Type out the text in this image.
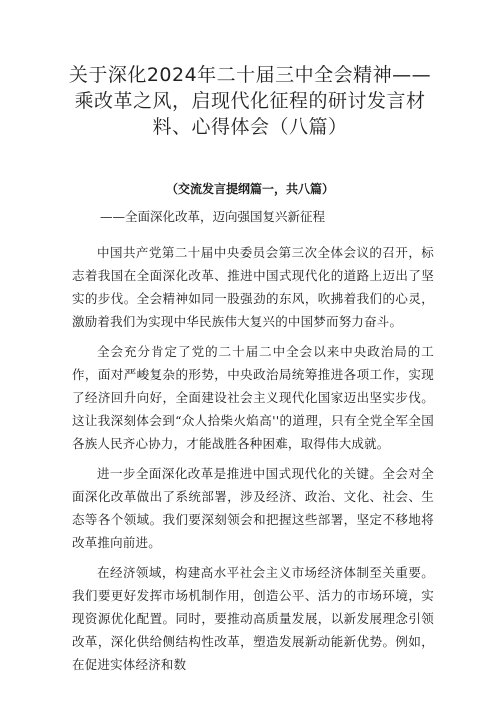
关于深化2024年二十届三中全会精神——乘改革之风，启现代化征程的研讨发言材料、心得体会（八篇）

（交流发言提纲篇一，共八篇）

——全面深化改革，迈向强国复兴新征程

中国共产党第二十届中央委员会第三次全体会议的召开，标志着我国在全面深化改革、推进中国式现代化的道路上迈出了坚实的步伐。全会精神如同一股强劲的东风，吹拂着我们的心灵，激励着我们为实现中华民族伟大复兴的中国梦而努力奋斗。

全会充分肯定了党的二十届二中全会以来中央政治局的工作，面对严峻复杂的形势，中央政治局统筹推进各项工作，实现了经济回升向好，全面建设社会主义现代化国家迈出坚实步伐。这让我深刻体会到“众人拾柴火焰高''的道理，只有全党全军全国各族人民齐心协力，才能战胜各种困难，取得伟大成就。

进一步全面深化改革是推进中国式现代化的关键。全会对全面深化改革做出了系统部署，涉及经济、政治、文化、社会、生态等各个领域。我们要深刻领会和把握这些部署，坚定不移地将改革推向前进。

在经济领域，构建高水平社会主义市场经济体制至关重要。我们要更好发挥市场机制作用，创造公平、活力的市场环境，实现资源优化配置。同时，要推动高质量发展，以新发展理念引领改革，深化供给侧结构性改革，塑造发展新动能新优势。例如，在促进实体经济和数
